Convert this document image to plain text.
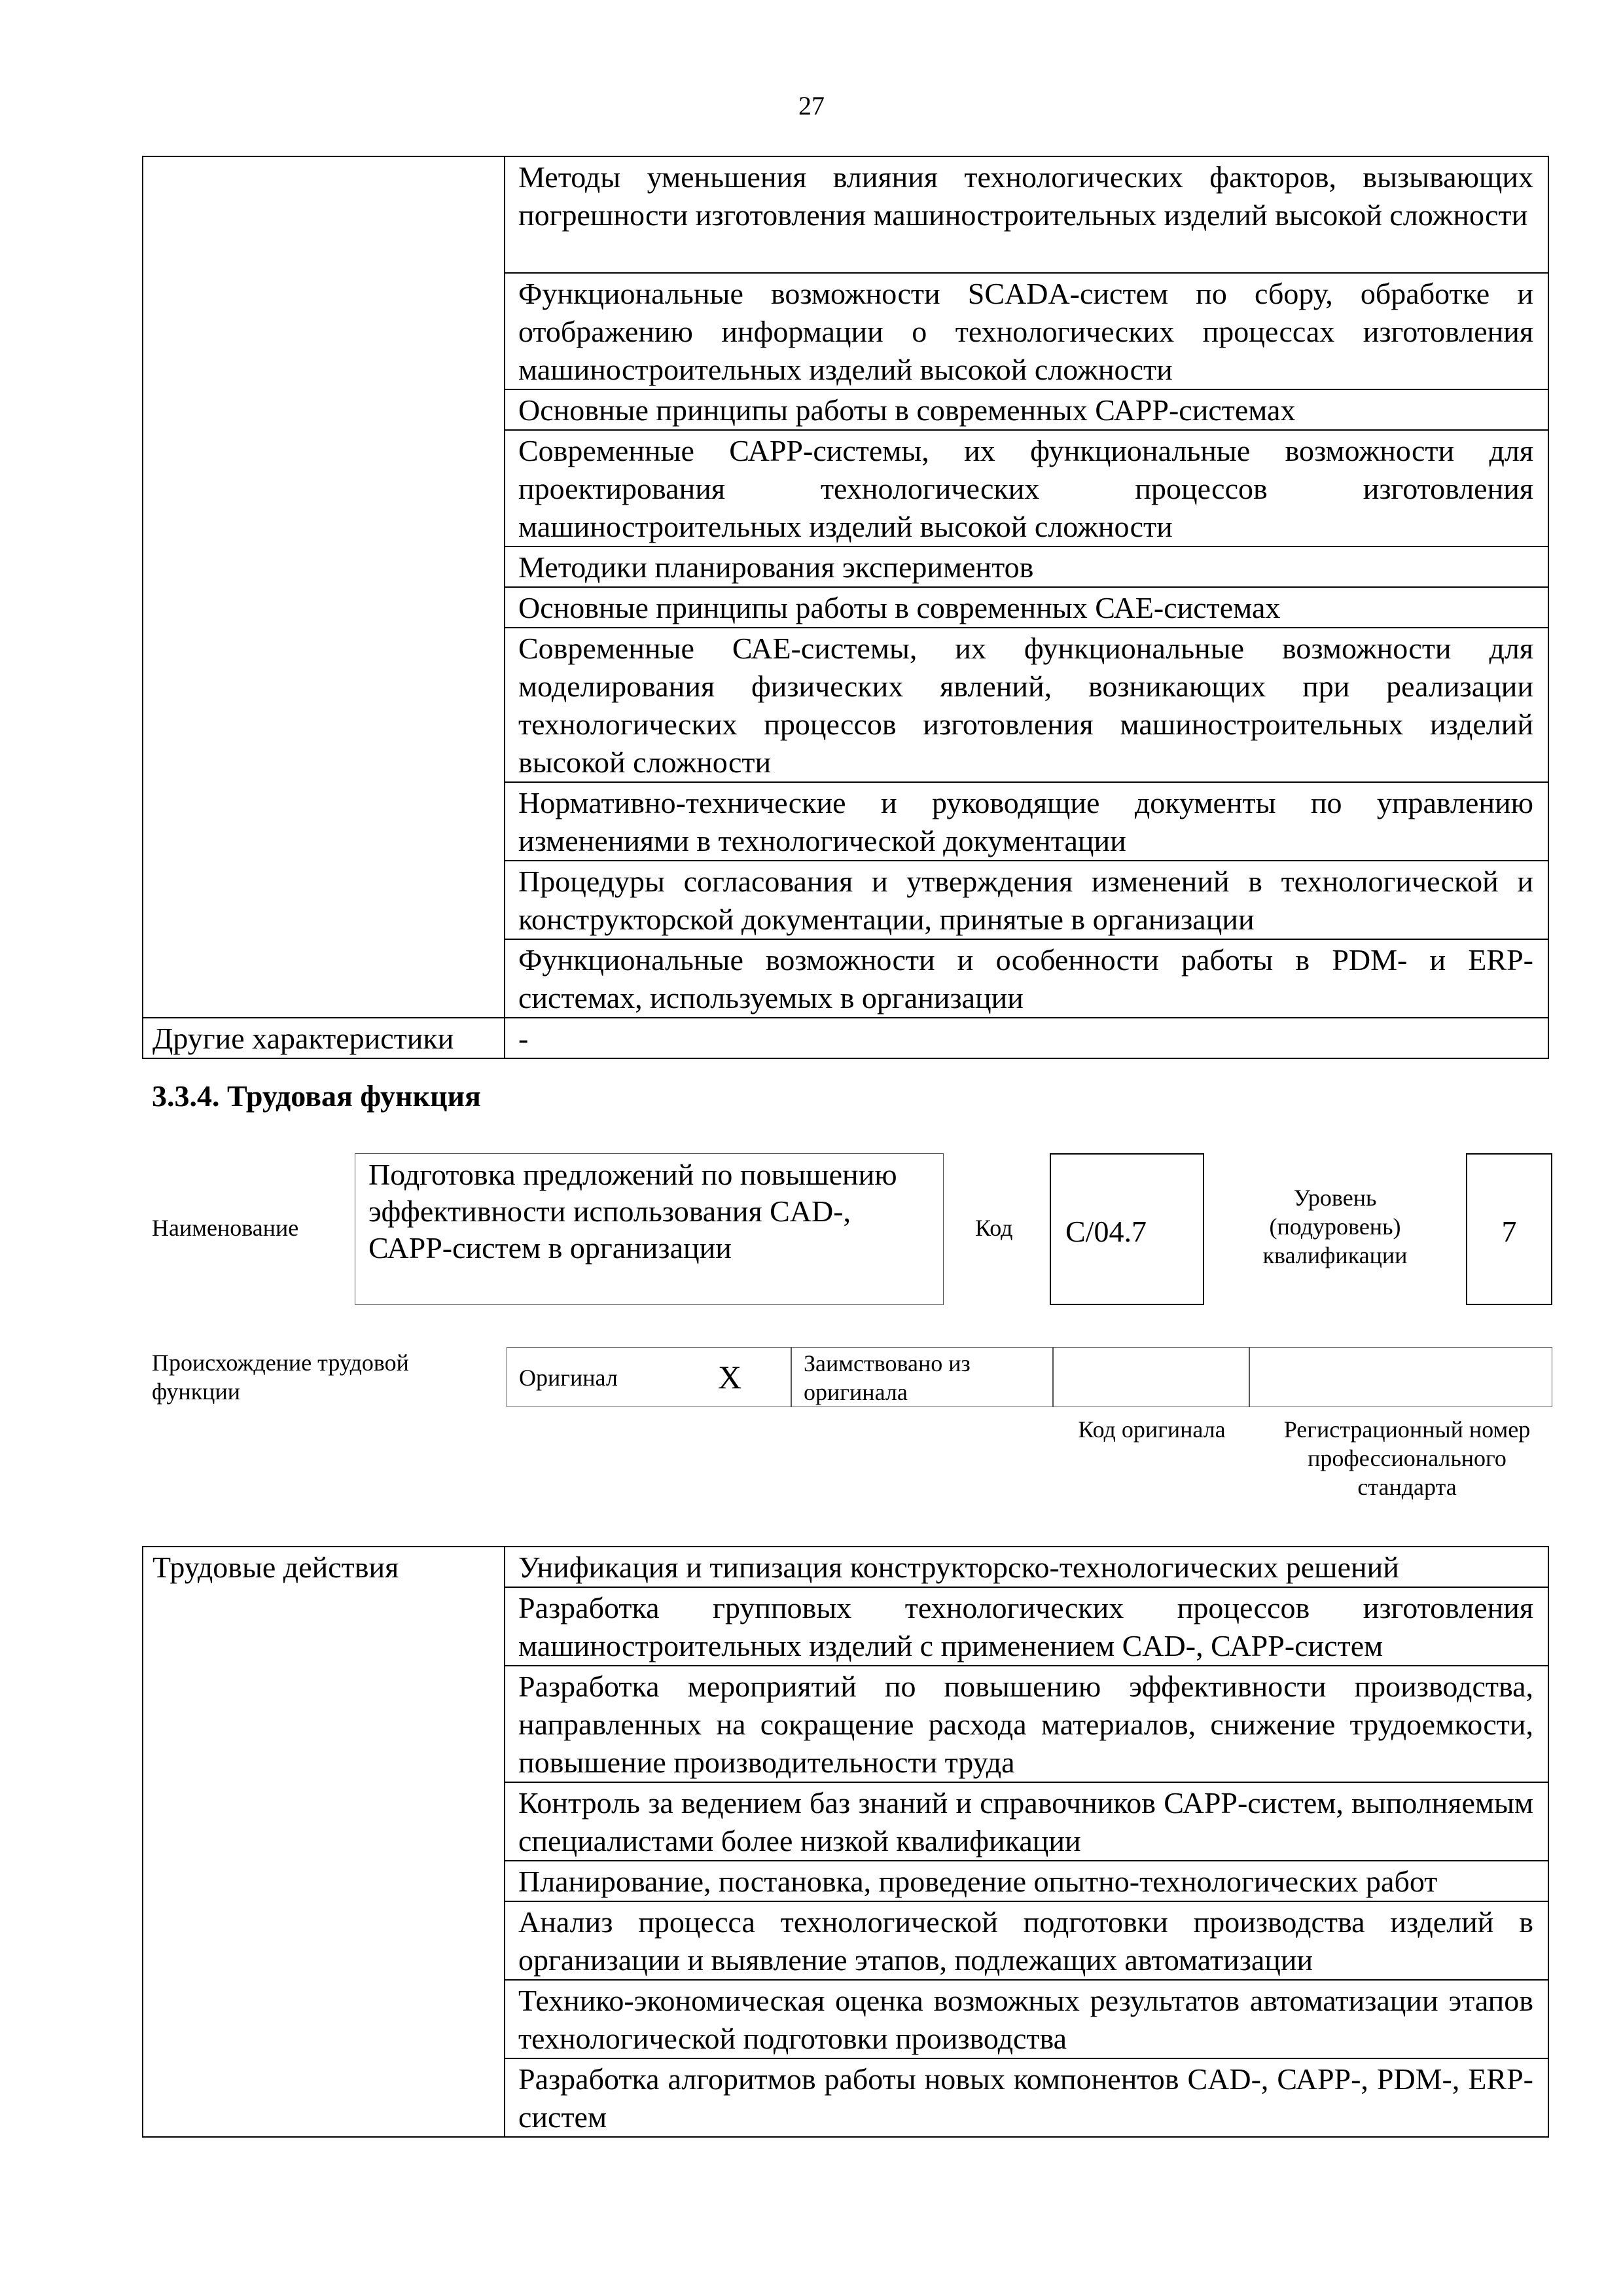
27
	Методы уменьшения влияния технологических факторов, вызывающих погрешности изготовления машиностроительных изделий высокой сложности
	Функциональные возможности SCADA-систем по сбору, обработке и отображению информации о технологических процессах изготовления машиностроительных изделий высокой сложности
	Основные принципы работы в современных САРР-системах
	Современные САРР-системы, их функциональные возможности для проектирования технологических процессов изготовления машиностроительных изделий высокой сложности
	Методики планирования экспериментов
	Основные принципы работы в современных САЕ-системах
	Современные САЕ-системы, их функциональные возможности для моделирования физических явлений, возникающих при реализации технологических процессов изготовления машиностроительных изделий высокой сложности
	Нормативно-технические и руководящие документы по управлению изменениями в технологической документации
	Процедуры согласования и утверждения изменений в технологической и конструкторской документации, принятые в организации
	Функциональные возможности и особенности работы в PDM- и ERP-системах, используемых в организации
Другие характеристики	-
3.3.4. Трудовая функция
Наименование
Подготовка предложений по повышению эффективности использования CAD-, САРР-систем в организации
Код С/04.7
Уровень (подуровень) квалификации
7
Происхождение трудовой функции
Оригинал	X	Заимствовано из оригинала
Код оригинала	Регистрационный номер профессионального стандарта
Трудовые действия	Унификация и типизация конструкторско-технологических решений
Разработка групповых технологических процессов изготовления машиностроительных изделий с применением CAD-, САРР-систем
Разработка мероприятий по повышению эффективности производства, направленных на сокращение расхода материалов, снижение трудоемкости, повышение производительности труда
Контроль за ведением баз знаний и справочников САРР-систем, выполняемым специалистами более низкой квалификации
Планирование, постановка, проведение опытно-технологических работ
Анализ процесса технологической подготовки производства изделий в организации и выявление этапов, подлежащих автоматизации
Технико-экономическая оценка возможных результатов автоматизации этапов технологической подготовки производства
Разработка алгоритмов работы новых компонентов CAD-, САРР-, PDM-, ERP-систем
